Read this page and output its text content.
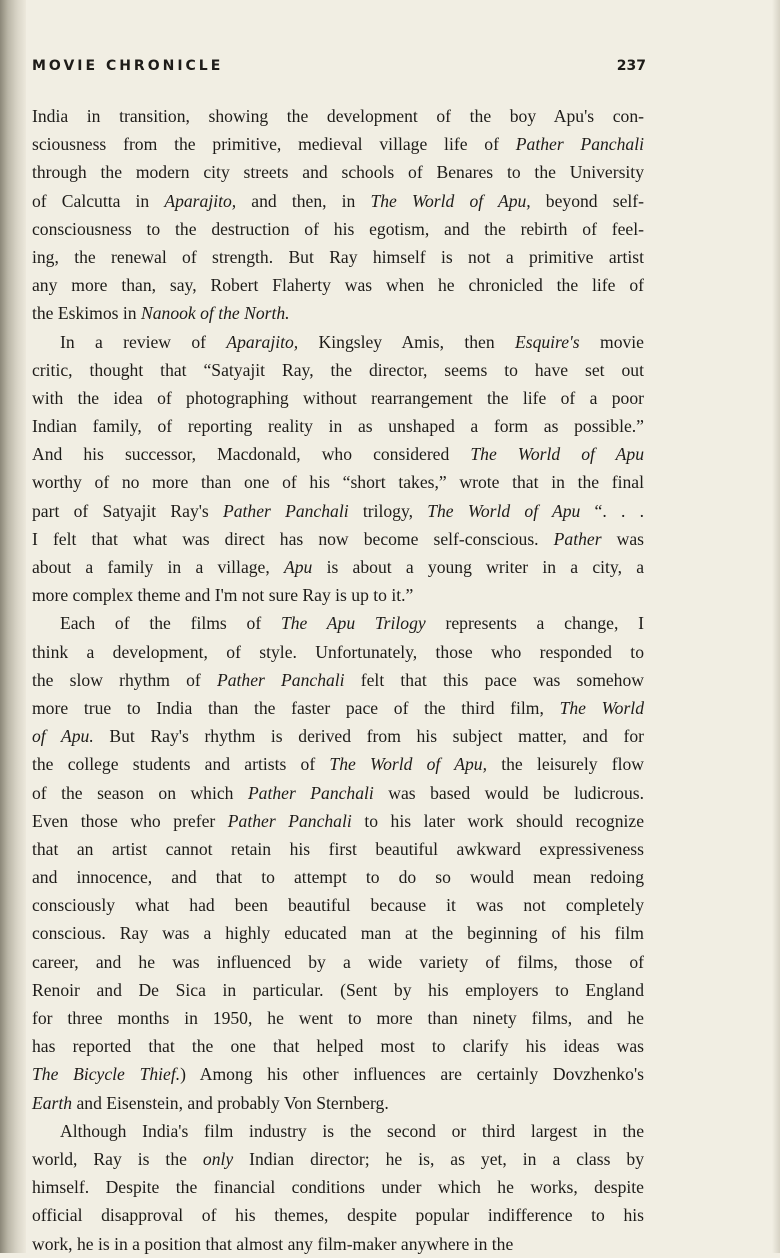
MOVIE CHRONICLE	237

India in transition, showing the development of the boy Apu's con-

sciousness from the primitive, medieval village life of Pather Panchali

through the modern city streets and schools of Benares to the University

of Calcutta in Aparajito, and then, in The World of Apu, beyond self-

consciousness to the destruction of his egotism, and the rebirth of feel-

ing, the renewal of strength. But Ray himself is not a primitive artist

any more than, say, Robert Flaherty was when he chronicled the life of

the Eskimos in Nanook of the North.

In a review of Aparajito, Kingsley Amis, then Esquire's movie

critic, thought that “Satyajit Ray, the director, seems to have set out

with the idea of photographing without rearrangement the life of a poor

Indian family, of reporting reality in as unshaped a form as possible.”

And his successor, Macdonald, who considered The World of Apu

worthy of no more than one of his “short takes,” wrote that in the final

part of Satyajit Ray's Pather Panchali trilogy, The World of Apu “. . .

I felt that what was direct has now become self-conscious. Pather was

about a family in a village, Apu is about a young writer in a city, a

more complex theme and I'm not sure Ray is up to it.”

Each of the films of The Apu Trilogy represents a change, I

think a development, of style. Unfortunately, those who responded to

the slow rhythm of Pather Panchali felt that this pace was somehow

more true to India than the faster pace of the third film, The World

of Apu. But Ray's rhythm is derived from his subject matter, and for

the college students and artists of The World of Apu, the leisurely flow

of the season on which Pather Panchali was based would be ludicrous.

Even those who prefer Pather Panchali to his later work should recognize

that an artist cannot retain his first beautiful awkward expressiveness

and innocence, and that to attempt to do so would mean redoing

consciously what had been beautiful because it was not completely

conscious. Ray was a highly educated man at the beginning of his film

career, and he was influenced by a wide variety of films, those of

Renoir and De Sica in particular. (Sent by his employers to England

for three months in 1950, he went to more than ninety films, and he

has reported that the one that helped most to clarify his ideas was

The Bicycle Thief.) Among his other influences are certainly Dovzhenko's

Earth and Eisenstein, and probably Von Sternberg.

Although India's film industry is the second or third largest in the

world, Ray is the only Indian director; he is, as yet, in a class by

himself. Despite the financial conditions under which he works, despite

official disapproval of his themes, despite popular indifference to his

work, he is in a position that almost any film-maker anywhere in the
